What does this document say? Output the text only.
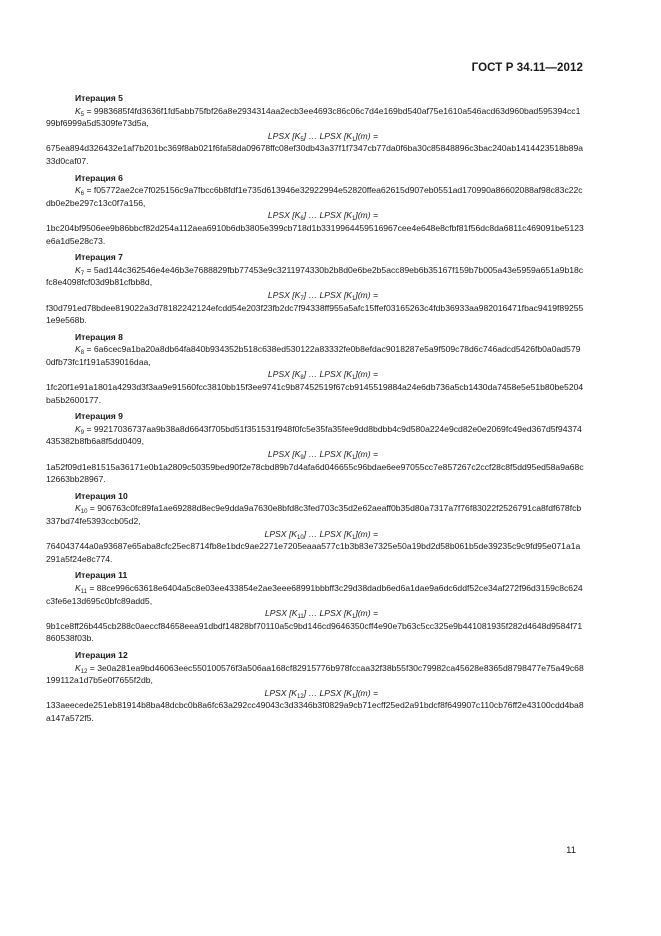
ГОСТ Р 34.11—2012
Итерация 5
$K_5 = 9983685f4fd3636f1fd5abb75fbf26a8e2934314aa2ecb3ee4693c86c06c7d4e169bd540af75e1610a546acd63d960bad595394cc199bf6999a5d530$9fe73d5a,
LPSX $[K_5]$ … LPSX $[K_1](m)$ =
675ea894d326432e1af7b201bc369f8ab021f6fa58da09678ffc08ef30db43a37f1f7347cb77da0f6ba30c85848896c3bac240ab1414423518b89a33d0caf07.
Итерация 6
$K_6$ = f05772ae2ce7f025156c9a7fbcc6b8fdf1e735d613946e32922994e52820ffea62615d907eb0551ad170990a86602088af98c83c22cdb0e2be297c13c0f7a156,
LPSX $[K_6]$ … LPSX $[K_1](m)$ =
1bc204bf9506ee9b86bbcf82d254a112aea6910b6db3805e399cb718d1b3319964459516967cee4e648e8cfbf81f56dc8da6811c469091be5123e6a1d5e28c73.
Итерация 7
$K_7 = 5ad144c362546e4e46b3e7688829fbb77453e9c3211974330b2b8d0e6be2b5acc89eb6b35167f159b7b005a43e5959a651a9b18cfc8e4098fcf03d9b$81cfbb8d,
LPSX $[K_7]$ … LPSX $[K_1](m)$ =
f30d791ed78bdee819022a3d78182242124efcdd54e203f23fb2dc7f94338ff955a5afc15ffef03165263c4fdb36933aa982016471fbac9419f892551e9e568b.
Итерация 8
$K_8$ = 6a6cec9a1ba20a8db64fa840b934352b518c638ed530122a83332fe0b8efdac9018287e5a9f509c78d6c746adcd5426fb0a0ad5790dfb73fc1f191a539016daa,
LPSX $[K_8]$ … LPSX $[K_1](m)$ =
1fc20f1e91a1801a4293d3f3aa9e91560fcc3810bb15f3ee9741c9b87452519f67cb9145519884a24e6db736a5cb1430da7458e5e51b80be5204ba5b2600177.
Итерация 9
$K_9$ = 99217036737aa9b38a8d6643f705bd51f351531f948f0fc5e35fa35fee9dd8bdbb4c9d580a224e9cd82e0e2069fc49ed367d5f94374435382b8fb6a8f5dd0409,
LPSX $[K_9]$ … LPSX $[K_1](m)$ =
1a52f09d1e81515a36171e0b1a2809c50359bed90f2e78cbd89b7d4afa6d046655c96bdae6ee97055cc7e857267c2ccf28c8f5dd95ed58a9a68c12663bb28967.
Итерация 10
$K_{10}$ = 906763c0fc89fa1ae69288d8ec9e9dda9a7630e8bfd8c3fed703c35d2e62aeaff0b35d80a7317a7f76f83022f2526791ca8fdf678fcb337bd74fe5393ccb05d2,
LPSX $[K_{10}]$ … LPSX $[K_1](m)$ =
764043744a0a93687e65aba8cfc25ec8714fb8e1bdc9ae2271e7205eaaa577c1b3b83e7325e50a19bd2d58b061b5de39235c9c9fd95e071a1a291a5f24e8c774.
Итерация 11
$K_{11}$ = 88ce996c63618e6404a5c8e03ee433854e2ae3eee68991bbbff3c29d38dadb6ed6a1dae9a6dc6ddf52ce34af272f96d3159c8c624c3fe6e13d695c0bfc89add5,
LPSX $[K_{11}]$ … LPSX $[K_1](m)$ =
9b1ce8ff26b445cb288c0aeccf84658eea91dbdf14828bf70110a5c9bd146cd9646350cff4e90e7b63c5cc325e9b441081935f282d4648d9584f71860538f03b.
Итерация 12
$K_{12}$ = 3e0a281ea9bd46063eec550100576f3a506aa168cf82915776b978fccaa32f38b55f30c79982ca45628e8365d8798477e75a49c68199112a1d7b5e0f7655f2db,
LPSX $[K_{12}]$ … LPSX $[K_1](m)$ =
133aeecede251eb81914b8ba48dcbc0b8a6fc63a292cc49043c3d3346b3f0829a9cb71ecff25ed2a91bdcf8f649907c110cb76ff2e43100cdd4ba8a147a572f5.
11
